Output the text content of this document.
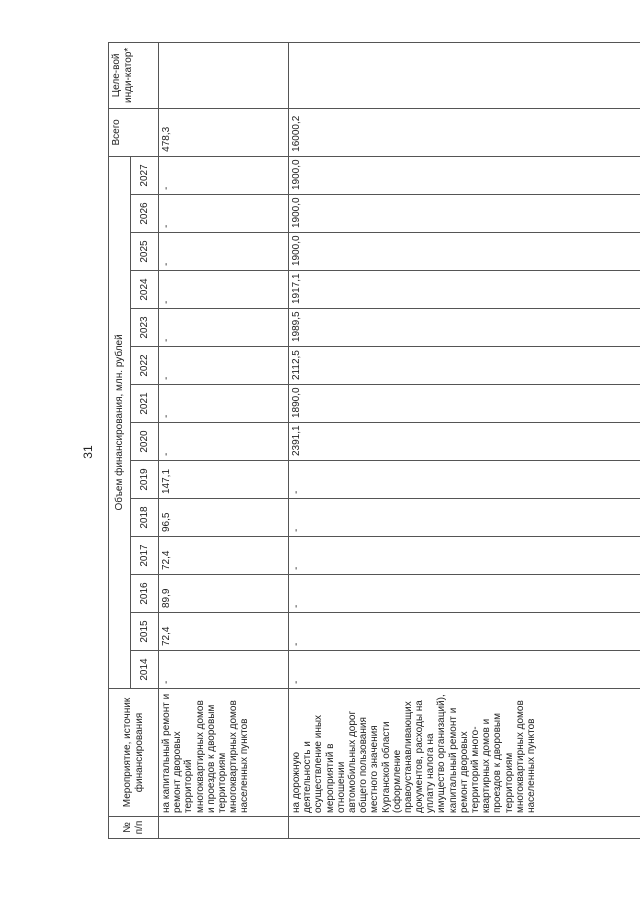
31
№ п/п	Мероприятие, источник финансирования	Объем финансирования, млн. рублей														Всего	Целе-вой инди-катор*
		2014	2015	2016	2017	2018	2019	2020	2021	2022	2023	2024	2025	2026	2027		
	на капитальный ремонт и ремонт дворовых территорий многоквартирных домов и проездов к дворовым территориям многоквартирных домов населенных пунктов	-	72,4	89,9	72,4	96,5	147,1	-	-	-	-	-	-	-	-	478,3	
	на дорожную деятельность и осуществление иных мероприятий в отношении автомобильных дорог общего пользования местного значения Курганской области (оформление правоустанавливающих документов, расходы на уплату налога на имущество организаций), капитальный ремонт и ремонт дворовых территорий много-квартирных домов и проездов к дворовым территориям многоквартирных домов населенных пунктов	-	-	-	-	-	-	2391,1	1890,0	2112,5	1989,5	1917,1	1900,0	1900,0	1900,0	16000,2	
